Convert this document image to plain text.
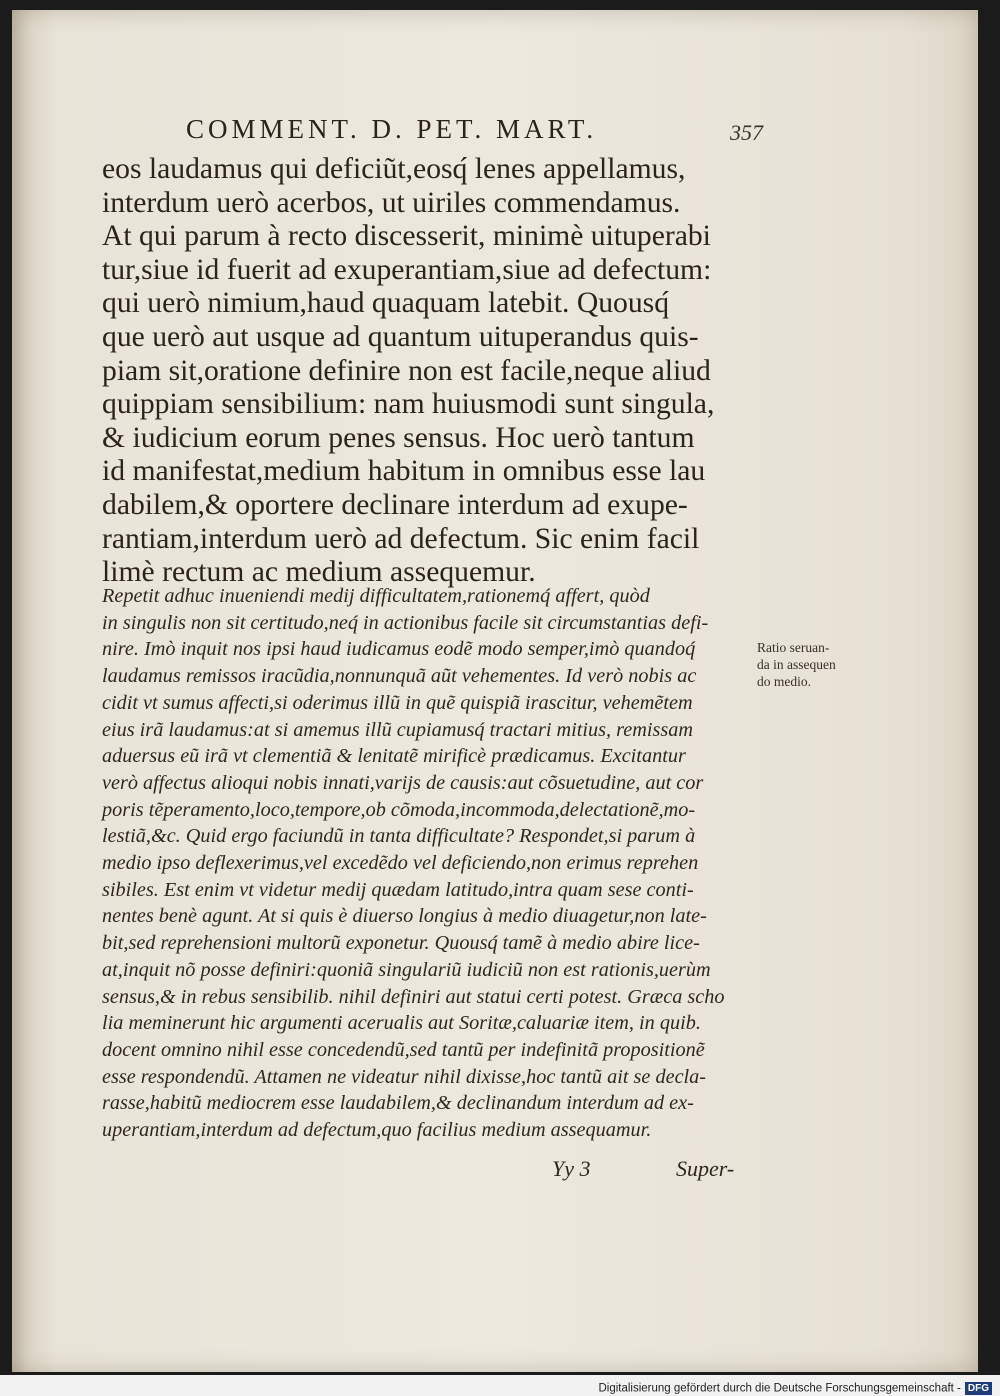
COMMENT. D. PET. MART.	357
eos laudamus qui deficiũt,eosq́ lenes appellamus,
interdum uerò acerbos, ut uiriles commendamus.
At qui parum à recto discesserit, minimè uituperabi
tur,siue id fuerit ad exuperantiam,siue ad defectum:
qui uerò nimium,haud quaquam latebit. Quousq́
que uerò aut usque ad quantum uituperandus quis-
piam sit,oratione definire non est facile,neque aliud
quippiam sensibilium: nam huiusmodi sunt singula,
& iudicium eorum penes sensus. Hoc uerò tantum
id manifestat,medium habitum in omnibus esse lau
dabilem,& oportere declinare interdum ad exupe-
rantiam,interdum uerò ad defectum. Sic enim facil
limè rectum ac medium assequemur.
Repetit adhuc inueniendi medij difficultatem,rationemq́ affert, quòd
in singulis non sit certitudo,neq́ in actionibus facile sit circumstantias defi-
nire. Imò inquit nos ipsi haud iudicamus eodẽ modo semper,imò quandoq́
laudamus remissos iracũdia,nonnunquã aũt vehementes. Id verò nobis ac
cidit vt sumus affecti,si oderimus illũ in quẽ quispiã irascitur, vehemẽtem
eius irã laudamus:at si amemus illũ cupiamusq́ tractari mitius, remissam
aduersus eũ irã vt clementiã & lenitatẽ mirificè prædicamus. Excitantur
verò affectus alioqui nobis innati,varijs de causis:aut cõsuetudine, aut cor
poris tẽperamento,loco,tempore,ob cõmoda,incommoda,delectationẽ,mo-
lestiã,&c. Quid ergo faciundũ in tanta difficultate? Respondet,si parum à
medio ipso deflexerimus,vel excedẽdo vel deficiendo,non erimus reprehen
sibiles. Est enim vt videtur medij quædam latitudo,intra quam sese conti-
nentes benè agunt. At si quis è diuerso longius à medio diuagetur,non late-
bit,sed reprehensioni multorũ exponetur. Quousq́ tamẽ à medio abire lice-
at,inquit nõ posse definiri:quoniã singulariũ iudiciũ non est rationis,uerùm
sensus,& in rebus sensibilib. nihil definiri aut statui certi potest. Græca scho
lia meminerunt hic argumenti acerualis aut Soritæ,caluariæ item, in quib.
docent omnino nihil esse concedendũ,sed tantũ per indefinitã propositionẽ
esse respondendũ. Attamen ne videatur nihil dixisse,hoc tantũ ait se decla-
rasse,habitũ mediocrem esse laudabilem,& declinandum interdum ad ex-
uperantiam,interdum ad defectum,quo facilius medium assequamur.
Ratio seruan-
da in assequen
do medio.
Yy 3	Super-
Digitalisierung gefördert durch die Deutsche Forschungsgemeinschaft - DFG
